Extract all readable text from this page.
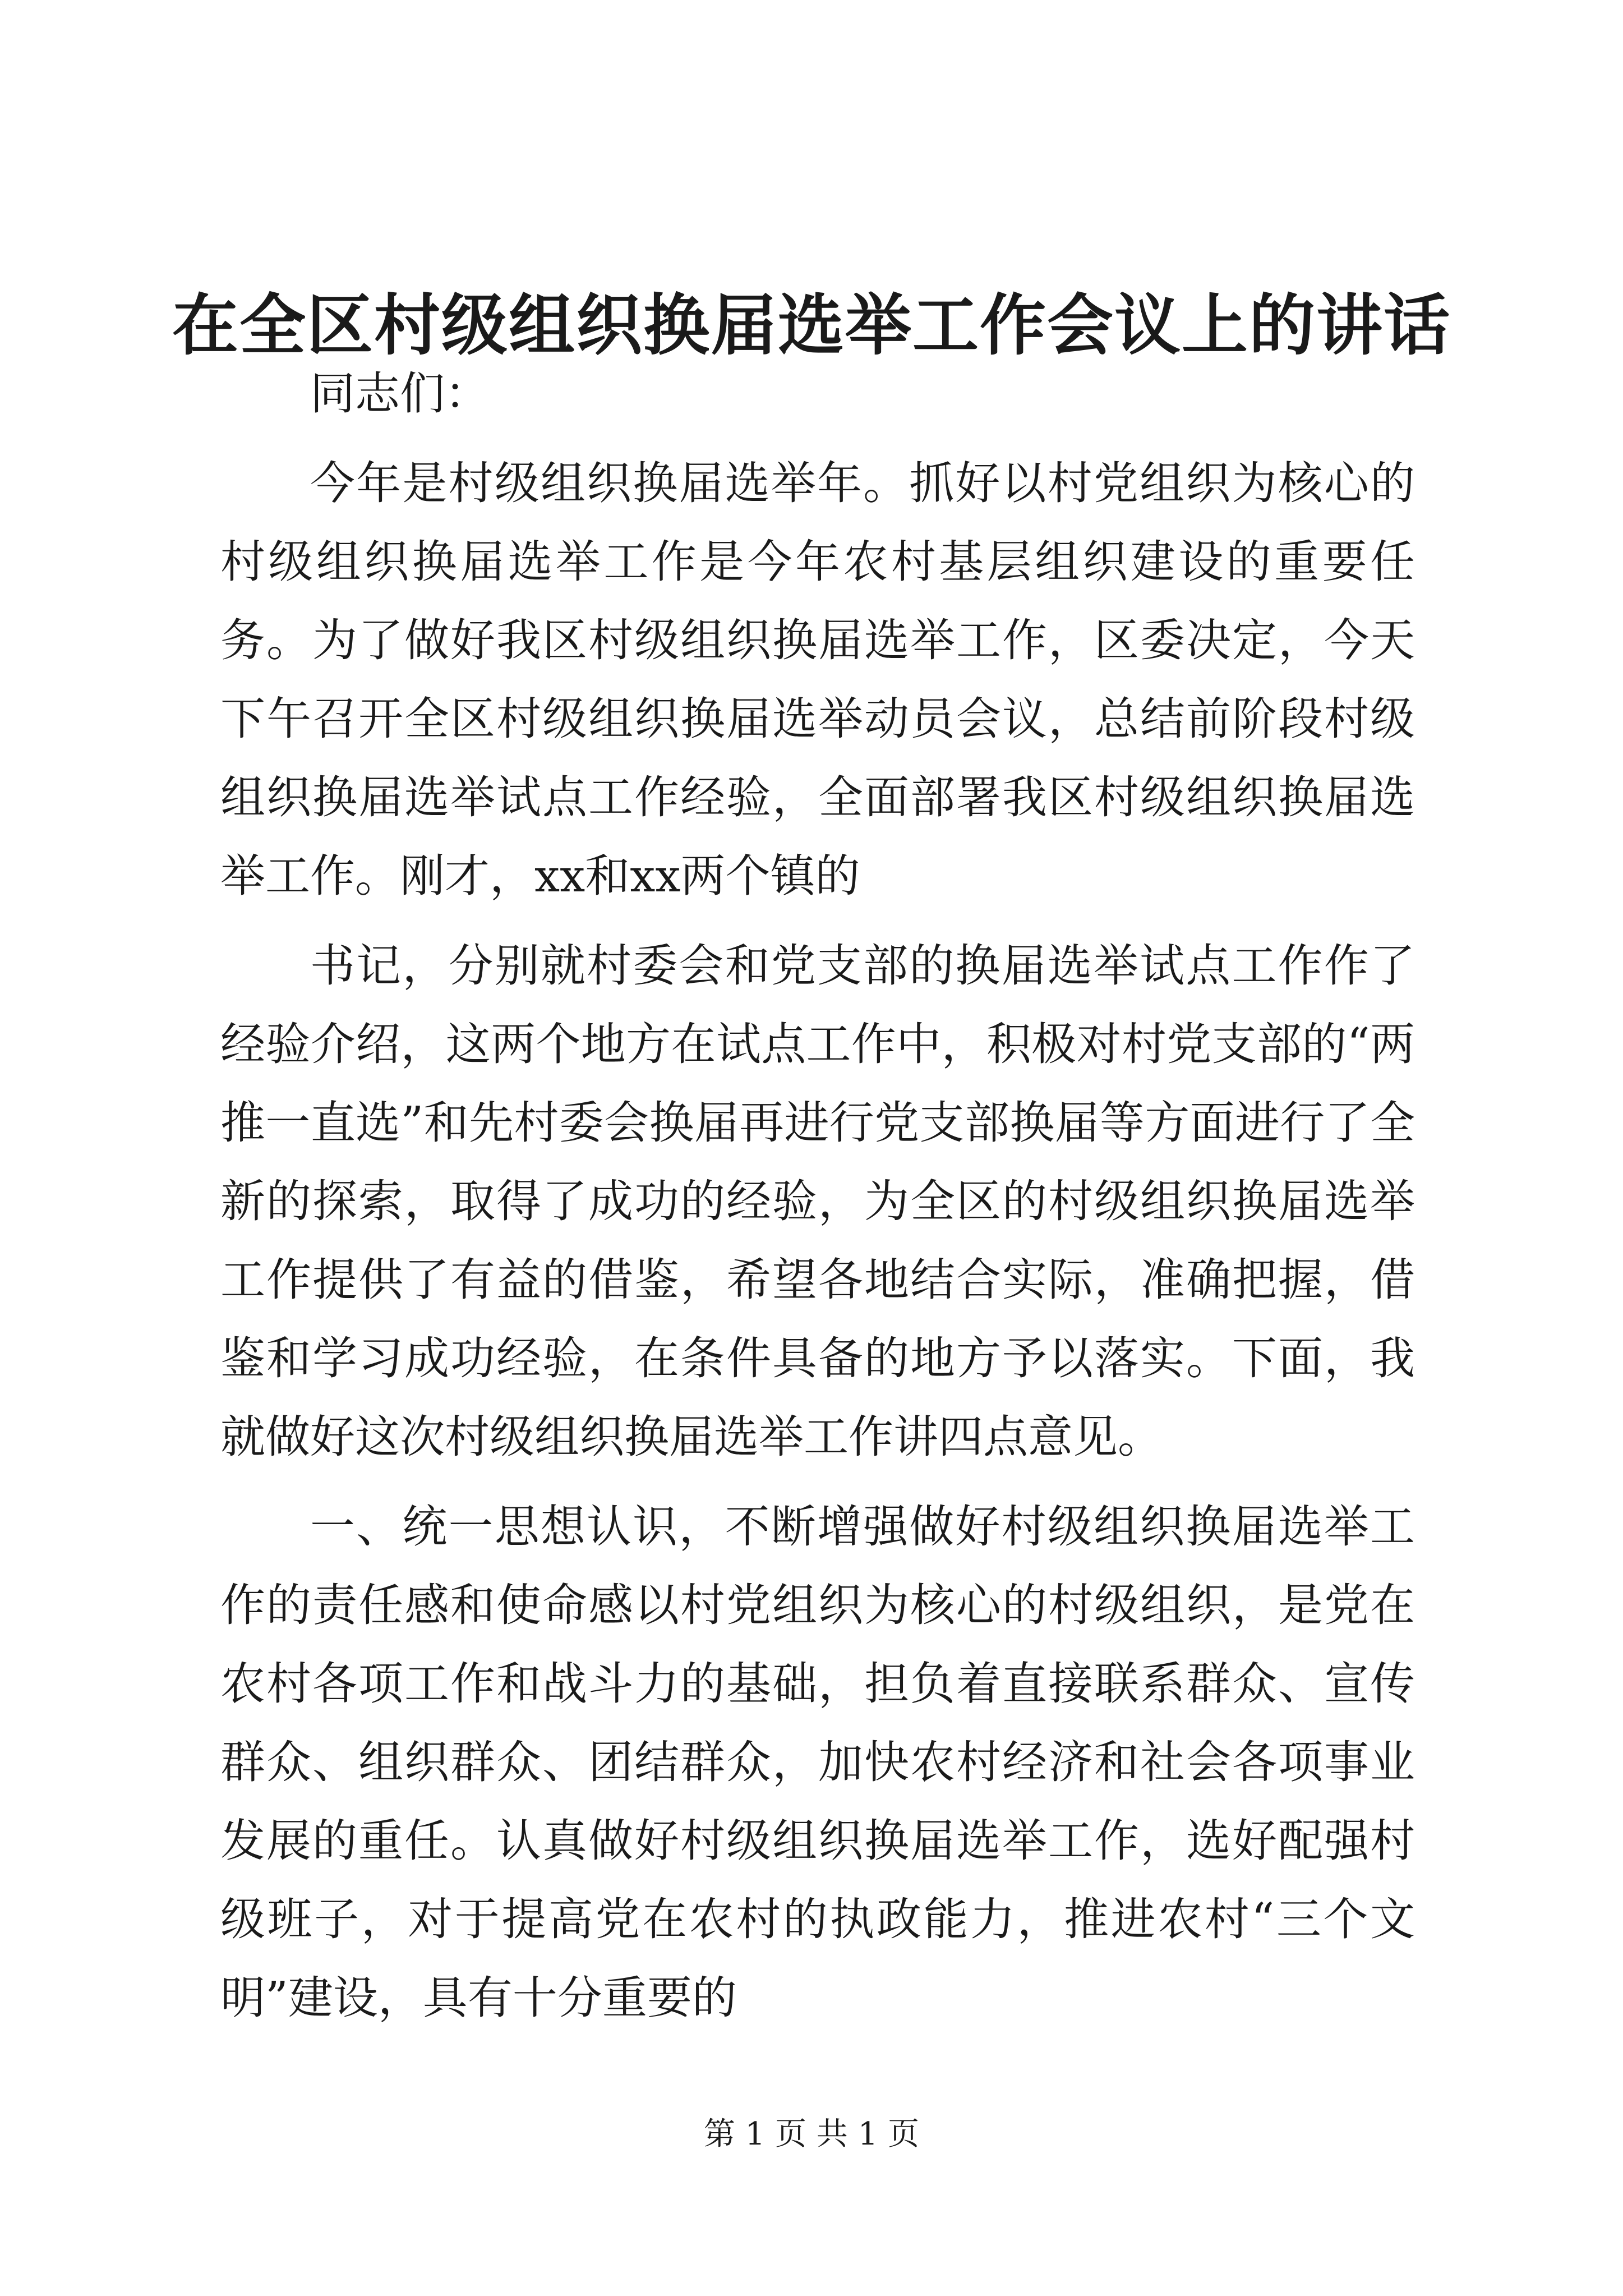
在全区村级组织换届选举工作会议上的讲话

同志们：

今年是村级组织换届选举年。抓好以村党组织为核心的村级组织换届选举工作是今年农村基层组织建设的重要任务。为了做好我区村级组织换届选举工作，区委决定，今天下午召开全区村级组织换届选举动员会议，总结前阶段村级组织换届选举试点工作经验，全面部署我区村级组织换届选举工作。刚才，xx和xx两个镇的

书记，分别就村委会和党支部的换届选举试点工作作了经验介绍，这两个地方在试点工作中，积极对村党支部的“两推一直选”和先村委会换届再进行党支部换届等方面进行了全新的探索，取得了成功的经验，为全区的村级组织换届选举工作提供了有益的借鉴，希望各地结合实际，准确把握，借鉴和学习成功经验，在条件具备的地方予以落实。下面，我就做好这次村级组织换届选举工作讲四点意见。

一、统一思想认识，不断增强做好村级组织换届选举工作的责任感和使命感以村党组织为核心的村级组织，是党在农村各项工作和战斗力的基础，担负着直接联系群众、宣传群众、组织群众、团结群众，加快农村经济和社会各项事业发展的重任。认真做好村级组织换届选举工作，选好配强村级班子，对于提高党在农村的执政能力，推进农村“三个文明”建设，具有十分重要的

第 1 页 共 1 页
